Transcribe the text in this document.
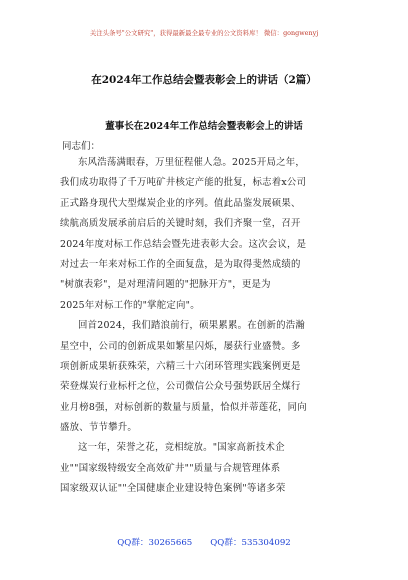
关注头条号"公文研究"，获得最新最全最专业的公文资料库！ 微信：gongwenyj
在2024年工作总结会暨表彰会上的讲话（2篇）
董事长在2024年工作总结会暨表彰会上的讲话
同志们：
东风浩荡满眼春，万里征程催人急。2025开局之年，
我们成功取得了千万吨矿井核定产能的批复，标志着x公司
正式路身现代大型煤炭企业的序列。值此品鉴发展硕果、
续航高质发展承前启后的关键时刻，我们齐聚一堂，召开
2024年度对标工作总结会暨先进表彰大会。这次会议，是
对过去一年来对标工作的全面复盘，是为取得斐然成绩的
"树旗表彩"，是对理清问题的"把脉开方"，更是为
2025年对标工作的"掌舵定向"。
回首2024，我们踏浪前行，硕果累累。在创新的浩瀚
星空中，公司的创新成果如繁星闪烁，屡获行业盛赞。多
项创新成果斩获殊荣，六精三十六闭环管理实践案例更是
荣登煤炭行业标杆之位，公司微信公众号强势跃居全煤行
业月榜8强，对标创新的数量与质量，恰似并蒂莲花，同向
盛放、节节攀升。
这一年，荣誉之花，竞相绽放。"国家高新技术企
业""国家级特级安全高效矿井""质量与合规管理体系
国家级双认证""全国健康企业建设特色案例"等诸多荣
QQ群：30265665 QQ群：535304092
